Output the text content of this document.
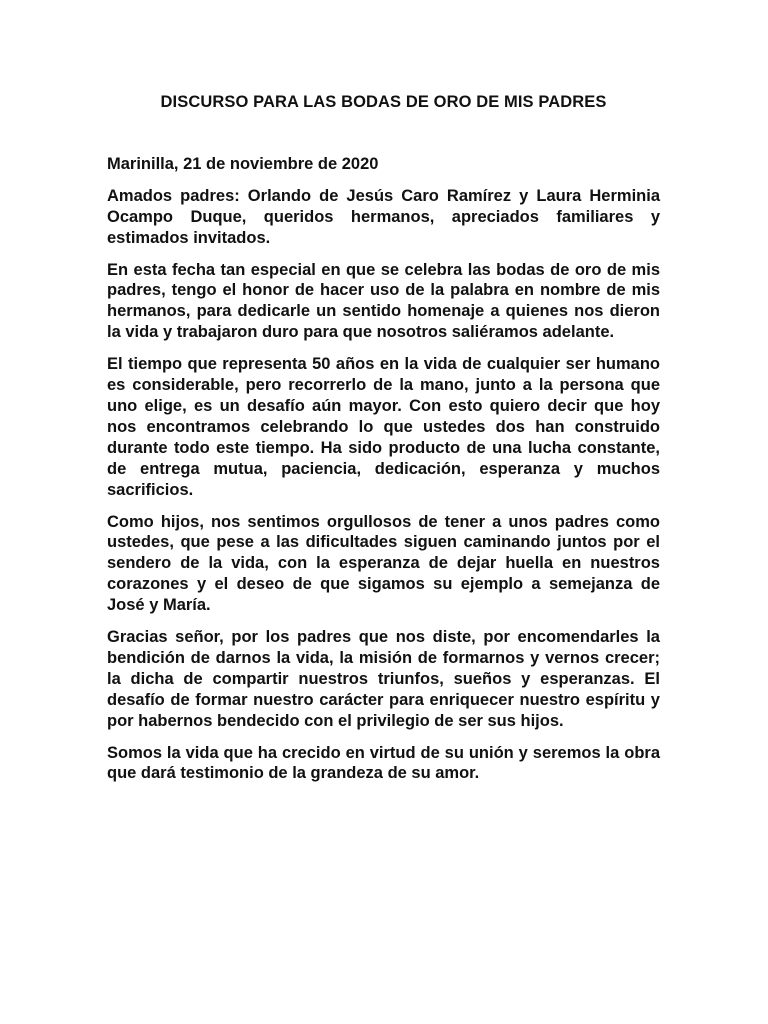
DISCURSO PARA LAS BODAS DE ORO DE MIS PADRES
Marinilla, 21 de noviembre de 2020

Amados padres: Orlando de Jesús Caro Ramírez y Laura Herminia Ocampo Duque, queridos hermanos, apreciados familiares y estimados invitados.

En esta fecha tan especial en que se celebra las bodas de oro de mis padres, tengo el honor de hacer uso de la palabra en nombre de mis hermanos, para dedicarle un sentido homenaje a quienes nos dieron la vida y trabajaron duro para que nosotros saliéramos adelante.

El tiempo que representa 50 años en la vida de cualquier ser humano es considerable, pero recorrerlo de la mano, junto a la persona que uno elige, es un desafío aún mayor. Con esto quiero decir que hoy nos encontramos celebrando lo que ustedes dos han construido durante todo este tiempo. Ha sido producto de una lucha constante, de entrega mutua, paciencia, dedicación, esperanza y muchos sacrificios.

Como hijos, nos sentimos orgullosos de tener a unos padres como ustedes, que pese a las dificultades siguen caminando juntos por el sendero de la vida, con la esperanza de dejar huella en nuestros corazones y el deseo de que sigamos su ejemplo a semejanza de José y María.

Gracias señor, por los padres que nos diste, por encomendarles la bendición de darnos la vida, la misión de formarnos y vernos crecer; la dicha de compartir nuestros triunfos, sueños y esperanzas. El desafío de formar nuestro carácter para enriquecer nuestro espíritu y por habernos bendecido con el privilegio de ser sus hijos.

Somos la vida que ha crecido en virtud de su unión y seremos la obra que dará testimonio de la grandeza de su amor.
